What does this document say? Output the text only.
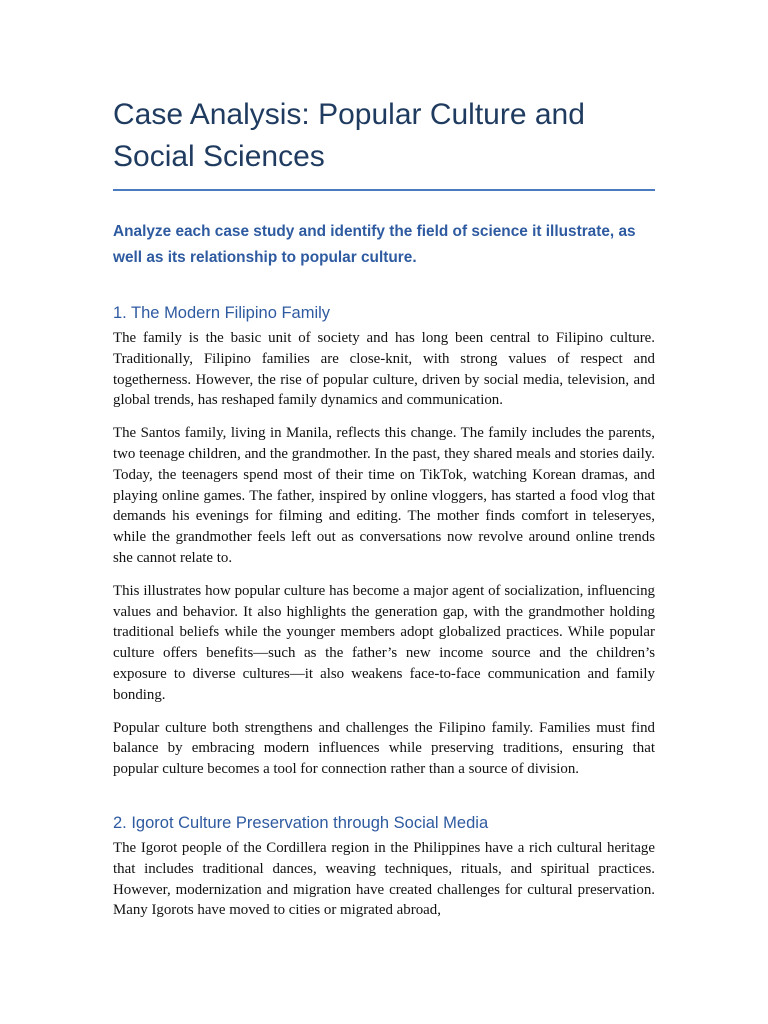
Case Analysis: Popular Culture and Social Sciences

Analyze each case study and identify the field of science it illustrate, as well as its relationship to popular culture.

1. The Modern Filipino Family

The family is the basic unit of society and has long been central to Filipino culture. Traditionally, Filipino families are close-knit, with strong values of respect and togetherness. However, the rise of popular culture, driven by social media, television, and global trends, has reshaped family dynamics and communication.

The Santos family, living in Manila, reflects this change. The family includes the parents, two teenage children, and the grandmother. In the past, they shared meals and stories daily. Today, the teenagers spend most of their time on TikTok, watching Korean dramas, and playing online games. The father, inspired by online vloggers, has started a food vlog that demands his evenings for filming and editing. The mother finds comfort in teleseryes, while the grandmother feels left out as conversations now revolve around online trends she cannot relate to.

This illustrates how popular culture has become a major agent of socialization, influencing values and behavior. It also highlights the generation gap, with the grandmother holding traditional beliefs while the younger members adopt globalized practices. While popular culture offers benefits—such as the father’s new income source and the children’s exposure to diverse cultures—it also weakens face-to-face communication and family bonding.

Popular culture both strengthens and challenges the Filipino family. Families must find balance by embracing modern influences while preserving traditions, ensuring that popular culture becomes a tool for connection rather than a source of division.

2. Igorot Culture Preservation through Social Media

The Igorot people of the Cordillera region in the Philippines have a rich cultural heritage that includes traditional dances, weaving techniques, rituals, and spiritual practices. However, modernization and migration have created challenges for cultural preservation. Many Igorots have moved to cities or migrated abroad,
